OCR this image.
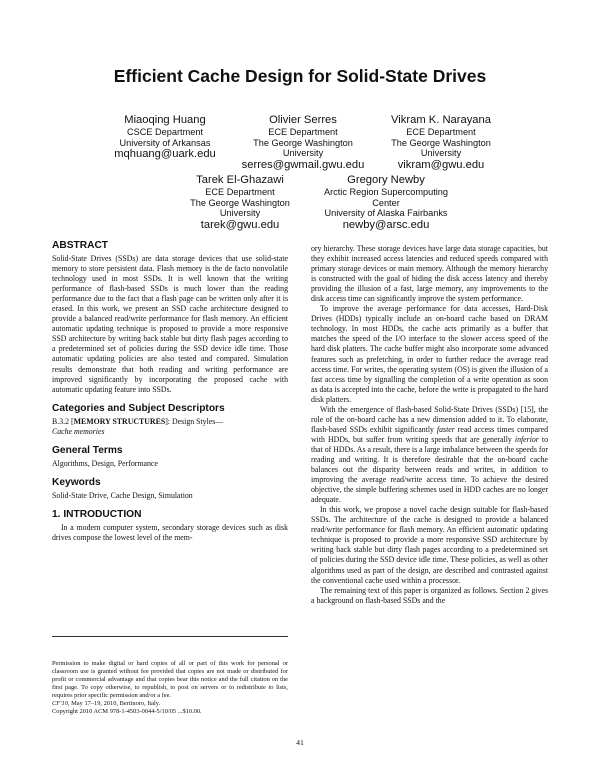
Efficient Cache Design for Solid-State Drives
Miaoqing Huang
CSCE Department
University of Arkansas
mqhuang@uark.edu
Olivier Serres
ECE Department
The George Washington
University
serres@gwmail.gwu.edu
Vikram K. Narayana
ECE Department
The George Washington
University
vikram@gwu.edu
Tarek El-Ghazawi
ECE Department
The George Washington
University
tarek@gwu.edu
Gregory Newby
Arctic Region Supercomputing
Center
University of Alaska Fairbanks
newby@arsc.edu
ABSTRACT

Solid-State Drives (SSDs) are data storage devices that use solid-state memory to store persistent data. Flash memory is the de facto nonvolatile technology used in most SSDs. It is well known that the writing performance of flash-based SSDs is much lower than the reading performance due to the fact that a flash page can be written only after it is erased. In this work, we present an SSD cache architecture designed to provide a balanced read/write performance for flash memory. An efficient automatic updating technique is proposed to provide a more responsive SSD architecture by writing back stable but dirty flash pages according to a predetermined set of policies during the SSD device idle time. Those automatic updating policies are also tested and compared. Simulation results demonstrate that both reading and writing performance are improved significantly by incorporating the proposed cache with automatic updating feature into SSDs.

Categories and Subject Descriptors

B.3.2 [MEMORY STRUCTURES]: Design Styles—
Cache memories

General Terms

Algorithms, Design, Performance

Keywords

Solid-State Drive, Cache Design, Simulation

1. INTRODUCTION

In a modern computer system, secondary storage devices such as disk drives compose the lowest level of the mem-

Permission to make digital or hard copies of all or part of this work for personal or classroom use is granted without fee provided that copies are not made or distributed for profit or commercial advantage and that copies bear this notice and the full citation on the first page. To copy otherwise, to republish, to post on servers or to redistribute to lists, requires prior specific permission and/or a fee.
CF'10, May 17–19, 2010, Bertinoro, Italy.
Copyright 2010 ACM 978-1-4503-0044-5/10/05 ...$10.00.

ory hierarchy. These storage devices have large data storage capacities, but they exhibit increased access latencies and reduced speeds compared with primary storage devices or main memory. Although the memory hierarchy is constructed with the goal of hiding the disk access latency and thereby providing the illusion of a fast, large memory, any improvements to the disk access time can significantly improve the system performance.

To improve the average performance for data accesses, Hard-Disk Drives (HDDs) typically include an on-board cache based on DRAM technology. In most HDDs, the cache acts primarily as a buffer that matches the speed of the I/O interface to the slower access speed of the hard disk platters. The cache buffer might also incorporate some advanced features such as prefetching, in order to further reduce the average read access time. For writes, the operating system (OS) is given the illusion of a fast access time by signalling the completion of a write operation as soon as data is accepted into the cache, before the write is propagated to the hard disk platters.

With the emergence of flash-based Solid-State Drives (SSDs) [15], the role of the on-board cache has a new dimension added to it. To elaborate, flash-based SSDs exhibit significantly faster read access times compared with HDDs, but suffer from writing speeds that are generally inferior to that of HDDs. As a result, there is a large imbalance between the speeds for reading and writing. It is therefore desirable that the on-board cache balances out the disparity between reads and writes, in addition to improving the average read/write access time. To achieve the desired objective, the simple buffering schemes used in HDD caches are no longer adequate.

In this work, we propose a novel cache design suitable for flash-based SSDs. The architecture of the cache is designed to provide a balanced read/write performance for flash memory. An efficient automatic updating technique is proposed to provide a more responsive SSD architecture by writing back stable but dirty flash pages according to a predetermined set of policies during the SSD device idle time. These policies, as well as other algorithms used as part of the design, are described and contrasted against the conventional cache used within a processor.

The remaining text of this paper is organized as follows. Section 2 gives a background on flash-based SSDs and the

41
